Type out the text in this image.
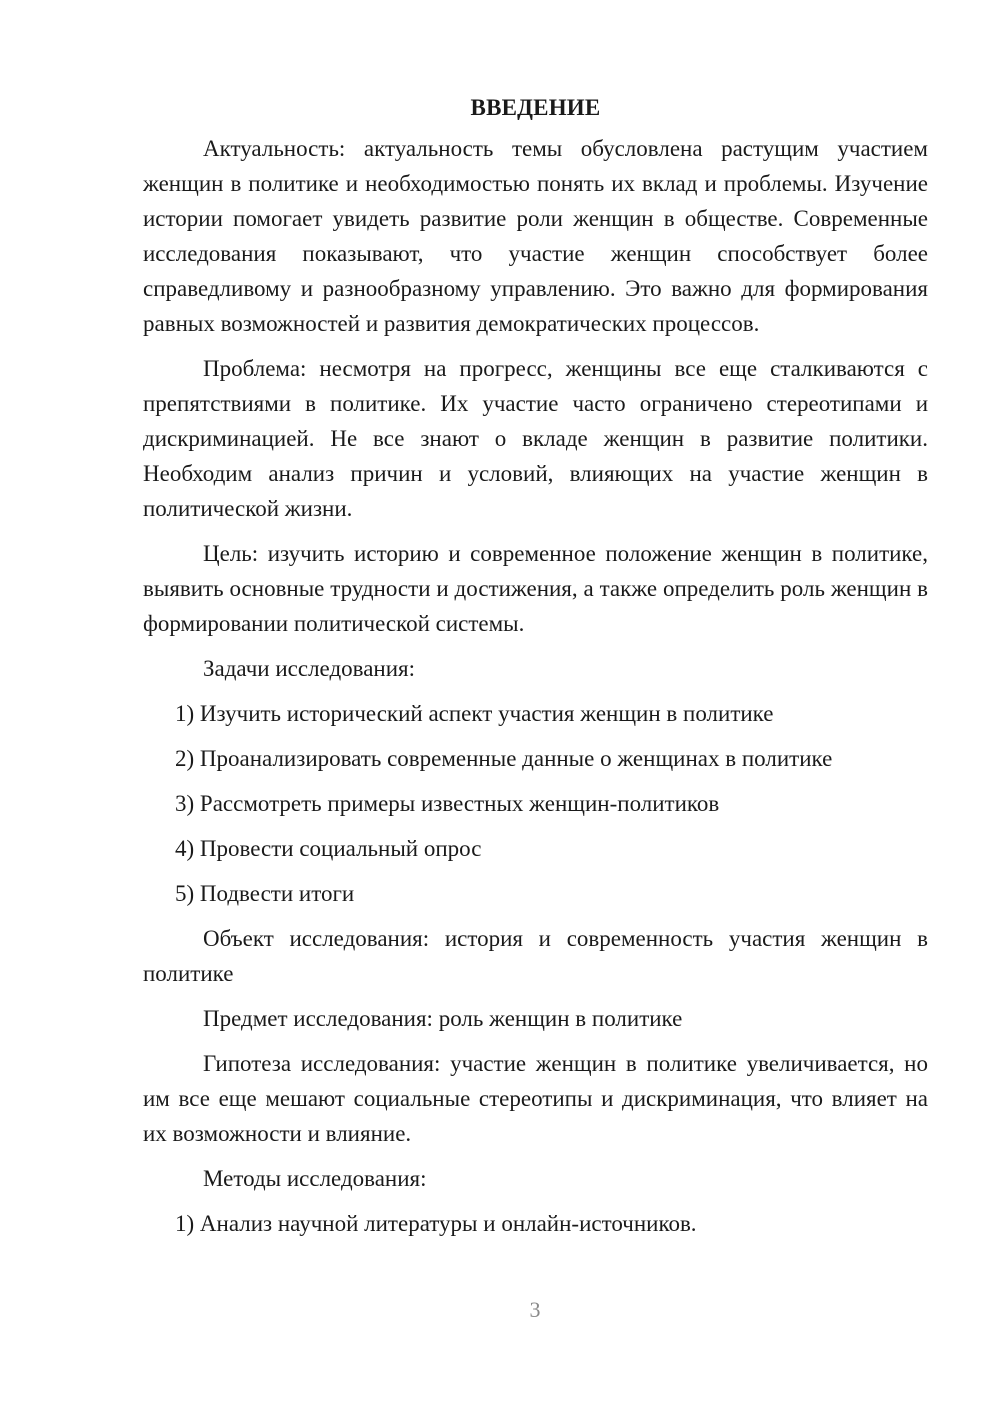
ВВЕДЕНИЕ

Актуальность: актуальность темы обусловлена растущим участием женщин в политике и необходимостью понять их вклад и проблемы. Изучение истории помогает увидеть развитие роли женщин в обществе. Современные исследования показывают, что участие женщин способствует более справедливому и разнообразному управлению. Это важно для формирования равных возможностей и развития демократических процессов.

Проблема: несмотря на прогресс, женщины все еще сталкиваются с препятствиями в политике. Их участие часто ограничено стереотипами и дискриминацией. Не все знают о вкладе женщин в развитие политики. Необходим анализ причин и условий, влияющих на участие женщин в политической жизни.

Цель: изучить историю и современное положение женщин в политике, выявить основные трудности и достижения, а также определить роль женщин в формировании политической системы.

Задачи исследования:
1) Изучить исторический аспект участия женщин в политике
2) Проанализировать современные данные о женщинах в политике
3) Рассмотреть примеры известных женщин-политиков
4) Провести социальный опрос
5) Подвести итоги

Объект исследования: история и современность участия женщин в политике

Предмет исследования: роль женщин в политике

Гипотеза исследования: участие женщин в политике увеличивается, но им все еще мешают социальные стереотипы и дискриминация, что влияет на их возможности и влияние.

Методы исследования:
1) Анализ научной литературы и онлайн-источников.
3
